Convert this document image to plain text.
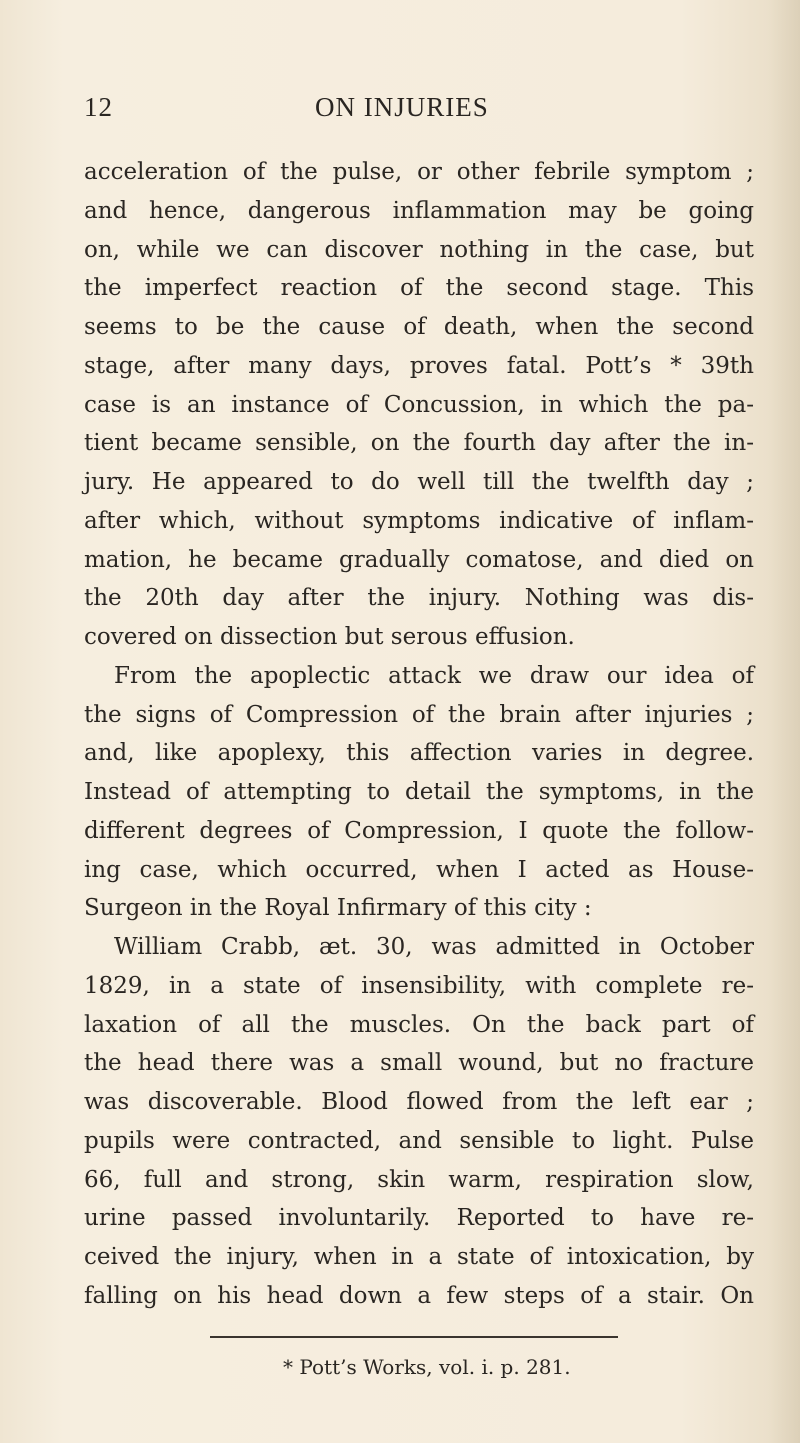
12	ON INJURIES
acceleration of the pulse, or other febrile symptom ;
and hence, dangerous inflammation may be going
on, while we can discover nothing in the case, but
the imperfect reaction of the second stage. This
seems to be the cause of death, when the second
stage, after many days, proves fatal. Pott’s * 39th
case is an instance of Concussion, in which the pa-
tient became sensible, on the fourth day after the in-
jury. He appeared to do well till the twelfth day ;
after which, without symptoms indicative of inflam-
mation, he became gradually comatose, and died on
the 20th day after the injury. Nothing was dis-
covered on dissection but serous effusion.
From the apoplectic attack we draw our idea of
the signs of Compression of the brain after injuries ;
and, like apoplexy, this affection varies in degree.
Instead of attempting to detail the symptoms, in the
different degrees of Compression, I quote the follow-
ing case, which occurred, when I acted as House-
Surgeon in the Royal Infirmary of this city :
William Crabb, æt. 30, was admitted in October
1829, in a state of insensibility, with complete re-
laxation of all the muscles. On the back part of
the head there was a small wound, but no fracture
was discoverable. Blood flowed from the left ear ;
pupils were contracted, and sensible to light. Pulse
66, full and strong, skin warm, respiration slow,
urine passed involuntarily. Reported to have re-
ceived the injury, when in a state of intoxication, by
falling on his head down a few steps of a stair. On
* Pott’s Works, vol. i. p. 281.
